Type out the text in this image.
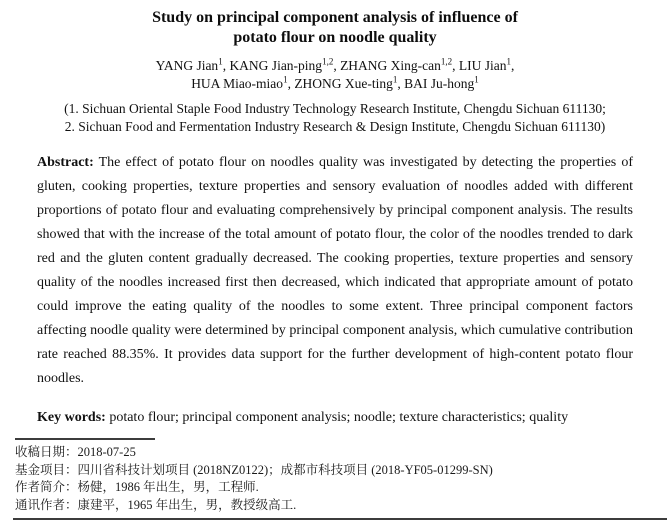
Study on principal component analysis of influence of
potato flour on noodle quality
YANG Jian$^1$, KANG Jian-ping$^{1,2}$, ZHANG Xing-can$^{1,2}$, LIU Jian$^1$,
HUA Miao-miao$^1$, ZHONG Xue-ting$^1$, BAI Ju-hong$^1$
(1. Sichuan Oriental Staple Food Industry Technology Research Institute, Chengdu Sichuan 611130;
2. Sichuan Food and Fermentation Industry Research & Design Institute, Chengdu Sichuan 611130)

Abstract: The effect of potato flour on noodles quality was investigated by detecting the properties of gluten, cooking properties, texture properties and sensory evaluation of noodles added with different proportions of potato flour and evaluating comprehensively by principal component analysis. The results showed that with the increase of the total amount of potato flour, the color of the noodles trended to dark red and the gluten content gradually decreased. The cooking properties, texture properties and sensory quality of the noodles increased first then decreased, which indicated that appropriate amount of potato could improve the eating quality of the noodles to some extent. Three principal component factors affecting noodle quality were determined by principal component analysis, which cumulative contribution rate reached 88.35%. It provides data support for the further development of high-content potato flour noodles.

Key words: potato flour; principal component analysis; noodle; texture characteristics; quality

收稿日期：2018-07-25
基金项目：四川省科技计划项目 (2018NZ0122)；成都市科技项目 (2018-YF05-01299-SN)
作者简介：杨健，1986 年出生，男，工程师.
通讯作者：康建平，1965 年出生，男，教授级高工.
